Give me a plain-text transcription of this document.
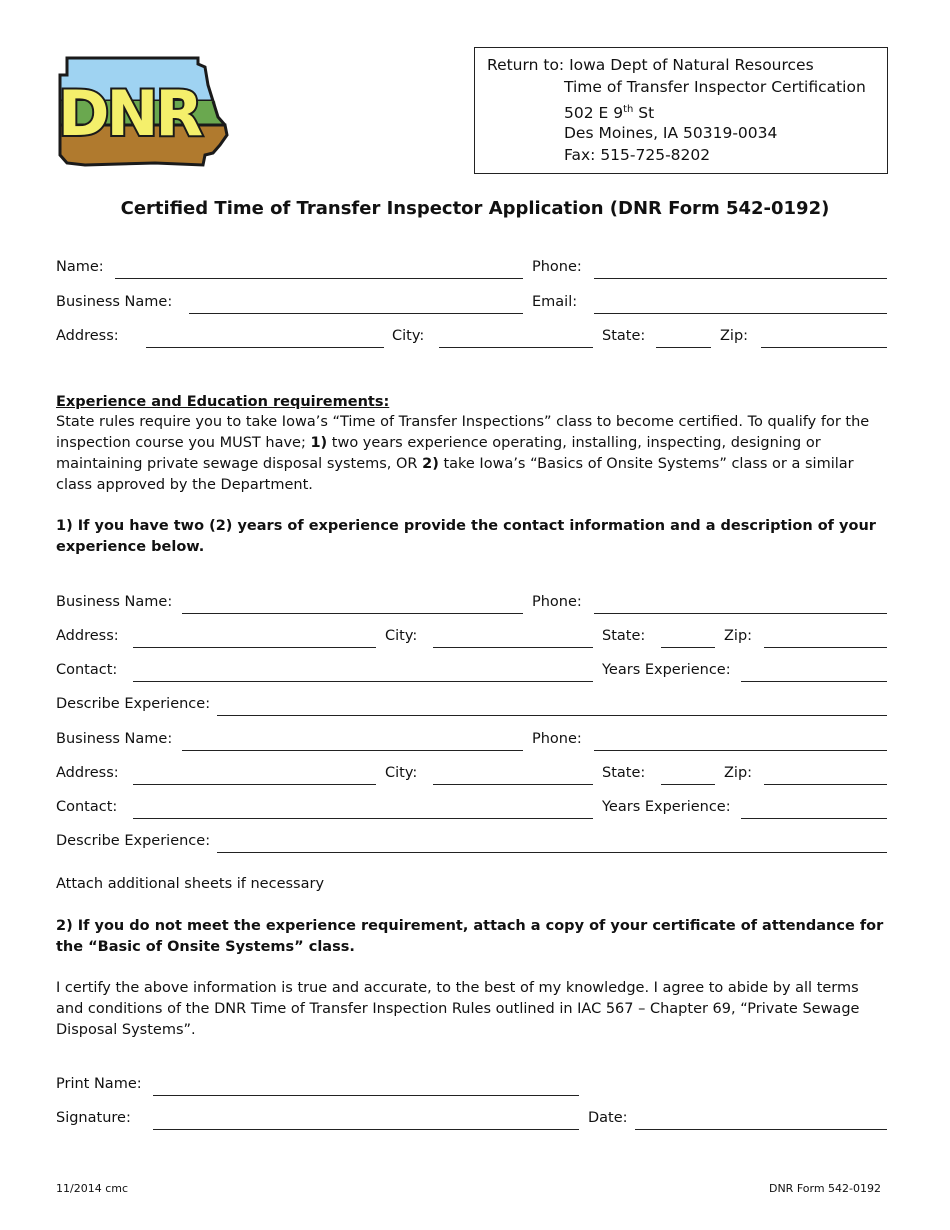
DNR
Return to: Iowa Dept of Natural Resources
Time of Transfer Inspector Certification
502 E 9th St
Des Moines, IA 50319-0034
Fax: 515-725-8202
Certified Time of Transfer Inspector Application (DNR Form 542-0192)
Name:	Phone:
Business Name:	Email:
Address:	City:	State:	Zip:
Experience and Education requirements:
State rules require you to take Iowa’s “Time of Transfer Inspections” class to become certified. To qualify for the inspection course you MUST have; 1) two years experience operating, installing, inspecting, designing or maintaining private sewage disposal systems, OR 2) take Iowa’s “Basics of Onsite Systems” class or a similar class approved by the Department.
1) If you have two (2) years of experience provide the contact information and a description of your experience below.
Business Name:	Phone:
Address:	City:	State:	Zip:
Contact:	Years Experience:
Describe Experience:
Business Name:	Phone:
Address:	City:	State:	Zip:
Contact:	Years Experience:
Describe Experience:
Attach additional sheets if necessary
2) If you do not meet the experience requirement, attach a copy of your certificate of attendance for the “Basic of Onsite Systems” class.
I certify the above information is true and accurate, to the best of my knowledge. I agree to abide by all terms and conditions of the DNR Time of Transfer Inspection Rules outlined in IAC 567 – Chapter 69, “Private Sewage Disposal Systems”.
Print Name:
Signature:	Date:
11/2014 cmc	DNR Form 542-0192
